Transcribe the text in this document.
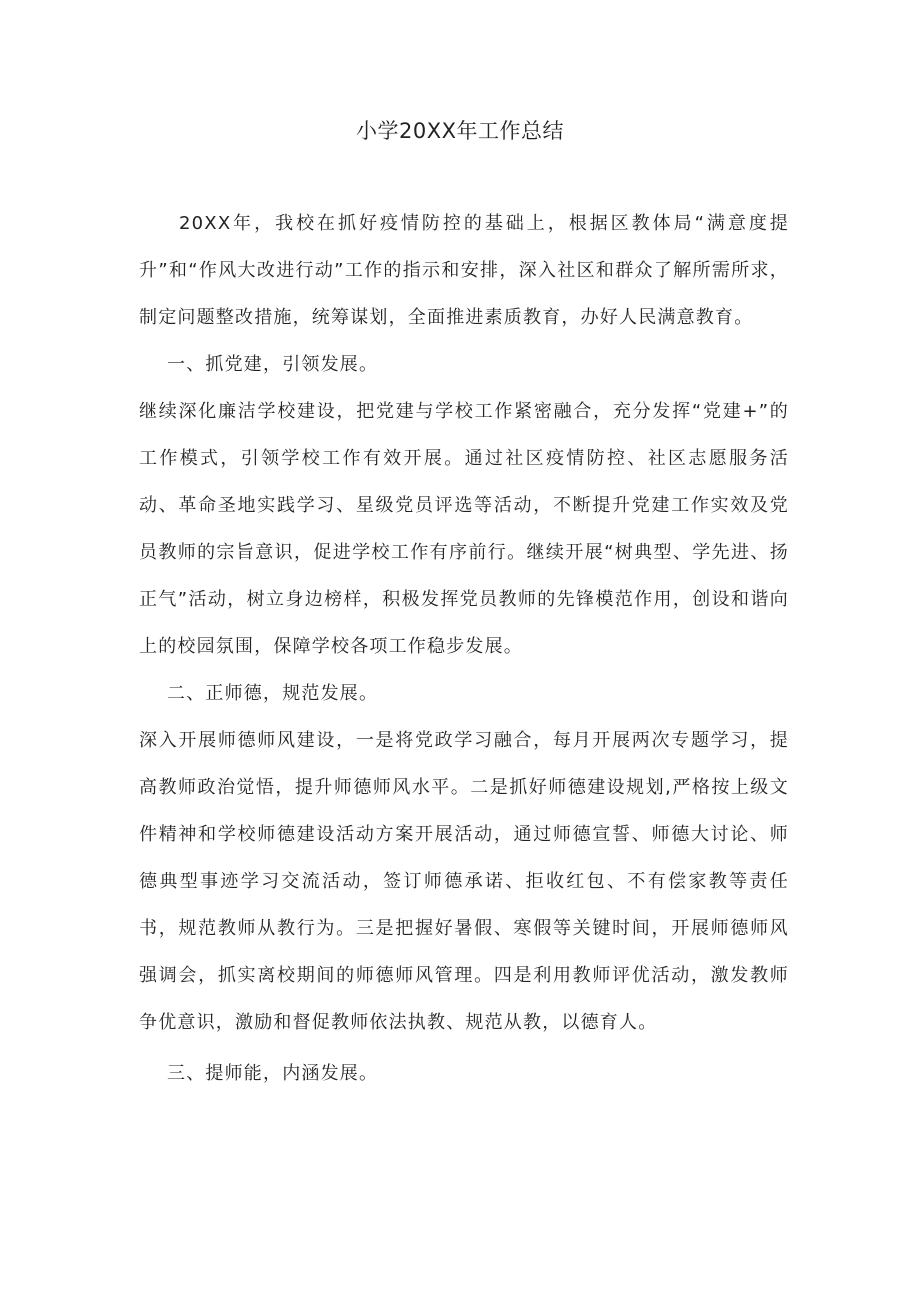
小学20XX年工作总结

20XX年，我校在抓好疫情防控的基础上，根据区教体局“满意度提升”和“作风大改进行动”工作的指示和安排，深入社区和群众了解所需所求，制定问题整改措施，统筹谋划，全面推进素质教育，办好人民满意教育。

一、抓党建，引领发展。

继续深化廉洁学校建设，把党建与学校工作紧密融合，充分发挥“党建+”的工作模式，引领学校工作有效开展。通过社区疫情防控、社区志愿服务活动、革命圣地实践学习、星级党员评选等活动，不断提升党建工作实效及党员教师的宗旨意识，促进学校工作有序前行。继续开展“树典型、学先进、扬正气”活动，树立身边榜样，积极发挥党员教师的先锋模范作用，创设和谐向上的校园氛围，保障学校各项工作稳步发展。

二、正师德，规范发展。

深入开展师德师风建设，一是将党政学习融合，每月开展两次专题学习，提高教师政治觉悟，提升师德师风水平。二是抓好师德建设规划,严格按上级文件精神和学校师德建设活动方案开展活动，通过师德宣誓、师德大讨论、师德典型事迹学习交流活动，签订师德承诺、拒收红包、不有偿家教等责任书，规范教师从教行为。三是把握好暑假、寒假等关键时间，开展师德师风强调会，抓实离校期间的师德师风管理。四是利用教师评优活动，激发教师争优意识，激励和督促教师依法执教、规范从教，以德育人。

三、提师能，内涵发展。
